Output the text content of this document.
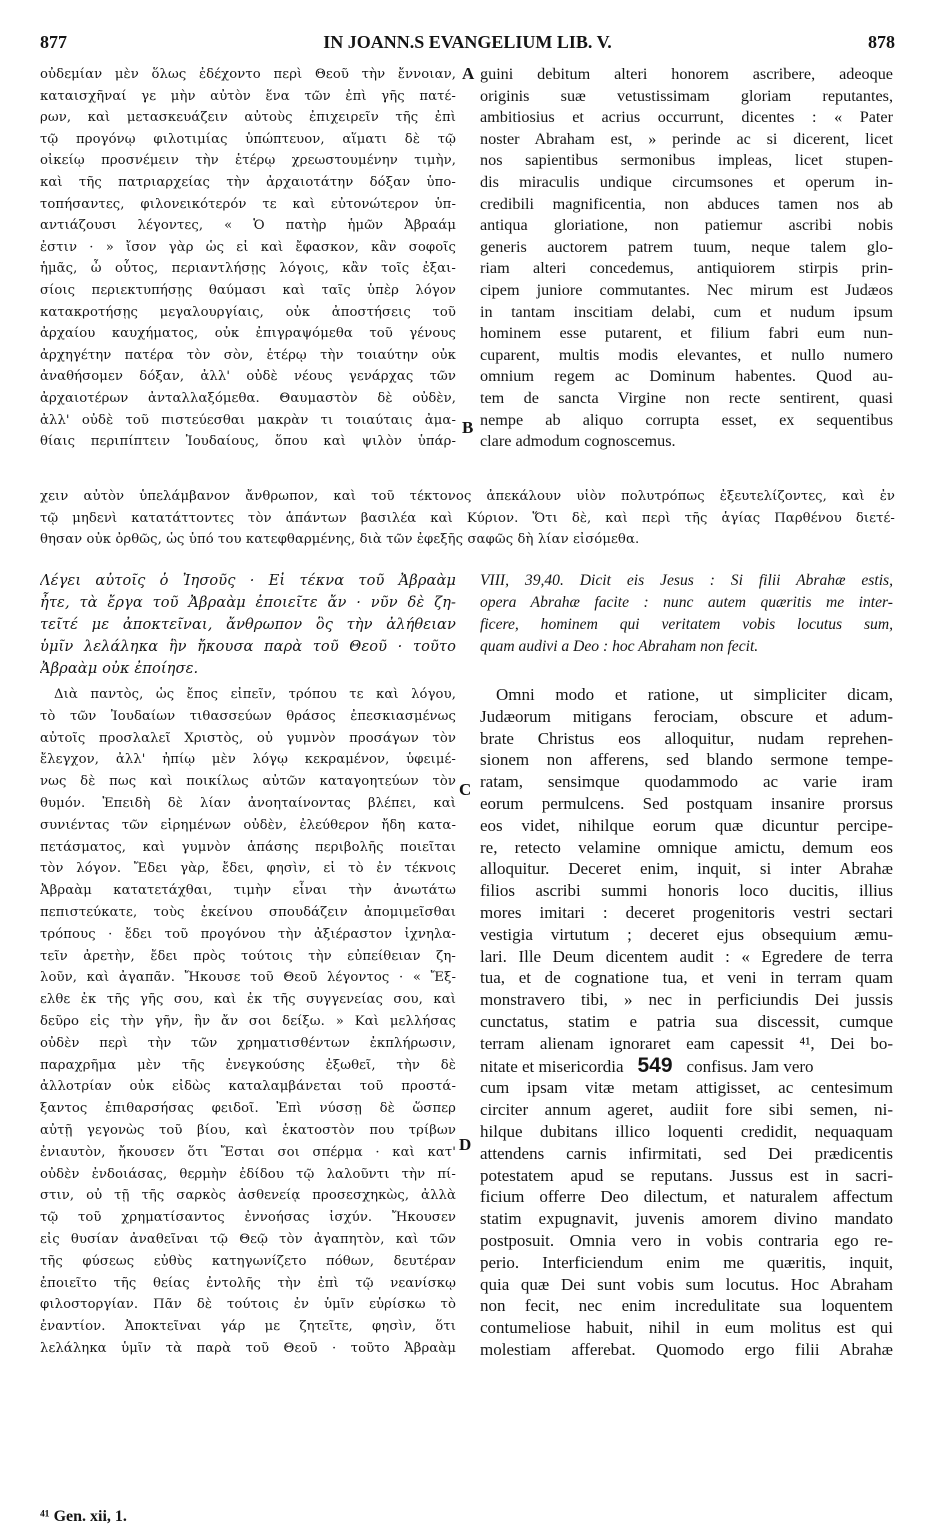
877	IN JOANN.S EVANGELIUM LIB. V.	878
οὐδεμίαν μὲν ὅλως ἐδέχοντο περὶ Θεοῦ τὴν ἔννοιαν,
καταισχῆναί γε μὴν αὐτὸν ἕνα τῶν ἐπὶ γῆς πατέ-
ρων, καὶ μετασκευάζειν αὐτοὺς ἐπιχειρεῖν τῆς ἐπὶ
τῷ προγόνῳ φιλοτιμίας ὑπώπτευον, αἵματι δὲ τῷ
οἰκείῳ προσνέμειν τὴν ἑτέρῳ χρεωστουμένην τιμὴν,
καὶ τῆς πατριαρχείας τὴν ἀρχαιοτάτην δόξαν ὑπο-
τοπήσαντες, φιλονεικότερόν τε καὶ εὐτονώτερον ὑπ-
αντιάζουσι λέγοντες, « Ὁ πατὴρ ἡμῶν Ἀβραάμ
ἐστιν · » ἴσον γὰρ ὡς εἰ καὶ ἔφασκον, κἂν σοφοῖς
ἡμᾶς, ὦ οὗτος, περιαντλήσῃς λόγοις, κἂν τοῖς ἐξαι-
σίοις περιεκτυπήσῃς θαύμασι καὶ ταῖς ὑπὲρ λόγον
κατακροτήσῃς μεγαλουργίαις, οὐκ ἀποστήσεις τοῦ
ἀρχαίου καυχήματος, οὐκ ἐπιγραψόμεθα τοῦ γένους
ἀρχηγέτην πατέρα τὸν σὸν, ἑτέρῳ τὴν τοιαύτην οὐκ
ἀναθήσομεν δόξαν, ἀλλ' οὐδὲ νέους γενάρχας τῶν
ἀρχαιοτέρων ἀνταλλαξόμεθα. Θαυμαστὸν δὲ οὐδὲν,
ἀλλ' οὐδὲ τοῦ πιστεύεσθαι μακρὰν τι τοιαύταις ἀμα-
θίαις περιπίπτειν Ἰουδαίους, ὅπου καὶ ψιλὸν ὑπάρ-
guini debitum alteri honorem ascribere, adeoque
originis suæ vetustissimam gloriam reputantes,
ambitiosius et acrius occurrunt, dicentes : « Pater
noster Abraham est, » perinde ac si dicerent, licet
nos sapientibus sermonibus impleas, licet stupen-
dis miraculis undique circumsones et operum in-
credibili magnificentia, non abduces tamen nos ab
antiqua gloriatione, non patiemur ascribi nobis
generis auctorem patrem tuum, neque talem glo-
riam alteri concedemus, antiquiorem stirpis prin-
cipem juniore commutantes. Nec mirum est Judæos
in tantam inscitiam delabi, cum et nudum ipsum
hominem esse putarent, et filium fabri eum nun-
cuparent, multis modis elevantes, et nullo numero
omnium regem ac Dominum habentes. Quod au-
tem de sancta Virgine non recte sentirent, quasi
nempe ab aliquo corrupta esset, ex sequentibus
clare admodum cognoscemus.
A
B
χειν αὐτὸν ὑπελάμβανον ἄνθρωπον, καὶ τοῦ τέκτονος ἀπεκάλουν υἱὸν πολυτρόπως ἐξευτελίζοντες, καὶ ἐν
τῷ μηδενὶ κατατάττοντες τὸν ἁπάντων βασιλέα καὶ Κύριον. Ὅτι δὲ, καὶ περὶ τῆς ἁγίας Παρθένου διετέ-
θησαν οὐκ ὀρθῶς, ὡς ὑπό του κατεφθαρμένης, διὰ τῶν ἐφεξῆς σαφῶς δὴ λίαν εἰσόμεθα.
Λέγει αὐτοῖς ὁ Ἰησοῦς · Εἰ τέκνα τοῦ Ἀβραὰμ
ἦτε, τὰ ἔργα τοῦ Ἀβραὰμ ἐποιεῖτε ἄν · νῦν δὲ ζη-
τεῖτέ με ἀποκτεῖναι, ἄνθρωπον ὃς τὴν ἀλήθειαν
ὑμῖν λελάληκα ἣν ἤκουσα παρὰ τοῦ Θεοῦ · τοῦτο
Ἀβραὰμ οὐκ ἐποίησε.
VIII, 39,40. Dicit eis Jesus : Si filii Abrahæ estis,
opera Abrahæ facite : nunc autem quæritis me inter-
ficere, hominem qui veritatem vobis locutus sum,
quam audivi a Deo : hoc Abraham non fecit.
Διὰ παντὸς, ὡς ἔπος εἰπεῖν, τρόπου τε καὶ λόγου,
τὸ τῶν Ἰουδαίων τιθασσεύων θράσος ἐπεσκιασμένως
αὐτοῖς προσλαλεῖ Χριστὸς, οὐ γυμνὸν προσάγων τὸν
ἔλεγχον, ἀλλ' ἠπίῳ μὲν λόγῳ κεκραμένον, ὑφειμέ-
νως δὲ πως καὶ ποικίλως αὐτῶν καταγοητεύων τὸν
θυμόν. Ἐπειδὴ δὲ λίαν ἀνοηταίνοντας βλέπει, καὶ
συνιέντας τῶν εἰρημένων οὐδὲν, ἐλεύθερον ἤδη κατα-
πετάσματος, καὶ γυμνὸν ἁπάσης περιβολῆς ποιεῖται
τὸν λόγον. Ἔδει γὰρ, ἔδει, φησὶν, εἰ τὸ ἐν τέκνοις
Ἀβραὰμ κατατετάχθαι, τιμὴν εἶναι τὴν ἀνωτάτω
πεπιστεύκατε, τοὺς ἐκείνου σπουδάζειν ἀπομιμεῖσθαι
τρόπους · ἔδει τοῦ προγόνου τὴν ἀξιέραστον ἰχνηλα-
τεῖν ἀρετὴν, ἔδει πρὸς τούτοις τὴν εὐπείθειαν ζη-
λοῦν, καὶ ἀγαπᾶν. Ἤκουσε τοῦ Θεοῦ λέγοντος · « Ἔξ-
ελθε ἐκ τῆς γῆς σου, καὶ ἐκ τῆς συγγενείας σου, καὶ
δεῦρο εἰς τὴν γῆν, ἣν ἄν σοι δείξω. » Καὶ μελλήσας
οὐδὲν περὶ τὴν τῶν χρηματισθέντων ἐκπλήρωσιν,
παραχρῆμα μὲν τῆς ἐνεγκούσης ἐξωθεῖ, τὴν δὲ
ἀλλοτρίαν οὐκ εἰδὼς καταλαμβάνεται τοῦ προστά-
ξαντος ἐπιθαρσήσας φειδοῖ. Ἐπὶ νύσσῃ δὲ ὥσπερ
αὐτῇ γεγονὼς τοῦ βίου, καὶ ἑκατοστὸν που τρίβων
ἐνιαυτὸν, ἤκουσεν ὅτι Ἔσται σοι σπέρμα · καὶ κατ'
οὐδὲν ἐνδοιάσας, θερμὴν ἐδίδου τῷ λαλοῦντι τὴν πί-
στιν, οὐ τῇ τῆς σαρκὸς ἀσθενείᾳ προσεσχηκὼς, ἀλλὰ
τῷ τοῦ χρηματίσαντος ἐννοήσας ἰσχύν. Ἤκουσεν
εἰς θυσίαν ἀναθεῖναι τῷ Θεῷ τὸν ἀγαπητὸν, καὶ τῶν
τῆς φύσεως εὐθὺς κατηγωνίζετο πόθων, δευτέραν
ἐποιεῖτο τῆς θείας ἐντολῆς τὴν ἐπὶ τῷ νεανίσκῳ
φιλοστοργίαν. Πᾶν δὲ τούτοις ἐν ὑμῖν εὑρίσκω τὸ
ἐναντίον. Ἀποκτεῖναι γάρ με ζητεῖτε, φησὶν, ὅτι
λελάληκα ὑμῖν τὰ παρὰ τοῦ Θεοῦ · τοῦτο Ἀβραὰμ
Omni modo et ratione, ut simpliciter dicam,
Judæorum mitigans ferociam, obscure et adum-
brate Christus eos alloquitur, nudam reprehen-
sionem non afferens, sed blando sermone tempe-
ratam, sensimque quodammodo ac varie iram
eorum permulcens. Sed postquam insanire prorsus
eos videt, nihilque eorum quæ dicuntur percipe-
re, retecto velamine omnique amictu, demum eos
alloquitur. Deceret enim, inquit, si inter Abrahæ
filios ascribi summi honoris loco ducitis, illius
mores imitari : deceret progenitoris vestri sectari
vestigia virtutum ; deceret ejus obsequium æmu-
lari. Ille Deum dicentem audit : « Egredere de terra
tua, et de cognatione tua, et veni in terram quam
monstravero tibi, » nec in perficiundis Dei jussis
cunctatus, statim e patria sua discessit, cumque
terram alienam ignoraret eam capessit ⁴¹, Dei bo-
nitate et misericordia 549 confisus. Jam vero
cum ipsam vitæ metam attigisset, ac centesimum
circiter annum ageret, audiit fore sibi semen, ni-
hilque dubitans illico loquenti credidit, nequaquam
attendens carnis infirmitati, sed Dei prædicentis
potestatem apud se reputans. Jussus est in sacri-
ficium offerre Deo dilectum, et naturalem affectum
statim expugnavit, juvenis amorem divino mandato
postposuit. Omnia vero in vobis contraria ego re-
perio. Interficiendum enim me quæritis, inquit,
quia quæ Dei sunt vobis sum locutus. Hoc Abraham
non fecit, nec enim incredulitate sua loquentem
contumeliose habuit, nihil in eum molitus est qui
molestiam afferebat. Quomodo ergo filii Abrahæ
C
D
⁴¹ Gen. xii, 1.
